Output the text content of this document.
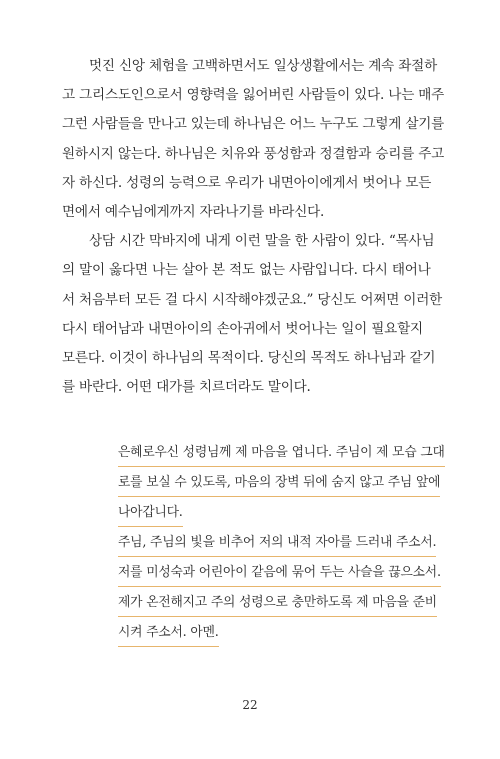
멋진 신앙 체험을 고백하면서도 일상생활에서는 계속 좌절하
고 그리스도인으로서 영향력을 잃어버린 사람들이 있다. 나는 매주
그런 사람들을 만나고 있는데 하나님은 어느 누구도 그렇게 살기를
원하시지 않는다. 하나님은 치유와 풍성함과 정결함과 승리를 주고
자 하신다. 성령의 능력으로 우리가 내면아이에게서 벗어나 모든
면에서 예수님에게까지 자라나기를 바라신다.
상담 시간 막바지에 내게 이런 말을 한 사람이 있다. “목사님
의 말이 옳다면 나는 살아 본 적도 없는 사람입니다. 다시 태어나
서 처음부터 모든 걸 다시 시작해야겠군요.” 당신도 어쩌면 이러한
다시 태어남과 내면아이의 손아귀에서 벗어나는 일이 필요할지
모른다. 이것이 하나님의 목적이다. 당신의 목적도 하나님과 같기
를 바란다. 어떤 대가를 치르더라도 말이다.
은혜로우신 성령님께 제 마음을 엽니다. 주님이 제 모습 그대
로를 보실 수 있도록, 마음의 장벽 뒤에 숨지 않고 주님 앞에
나아갑니다.
주님, 주님의 빛을 비추어 저의 내적 자아를 드러내 주소서.
저를 미성숙과 어린아이 같음에 묶어 두는 사슬을 끊으소서.
제가 온전해지고 주의 성령으로 충만하도록 제 마음을 준비
시켜 주소서. 아멘.
22
